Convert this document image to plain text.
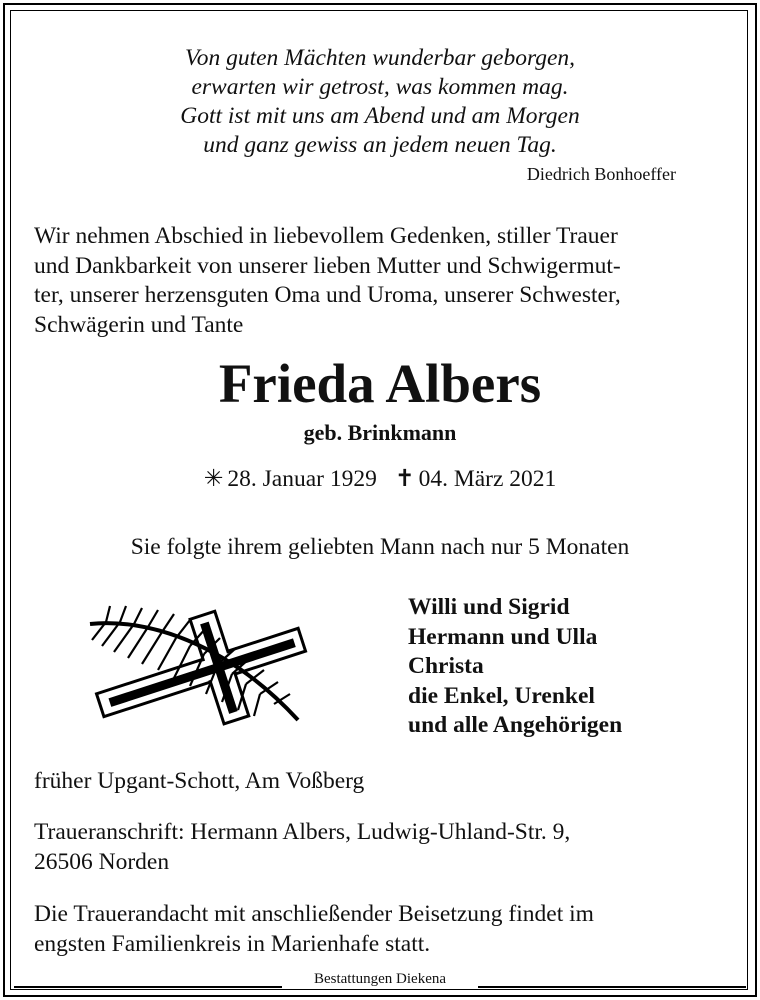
Von guten Mächten wunderbar geborgen,
erwarten wir getrost, was kommen mag.
Gott ist mit uns am Abend und am Morgen
und ganz gewiss an jedem neuen Tag.
Diedrich Bonhoeffer
Wir nehmen Abschied in liebevollem Gedenken, stiller Trauer
und Dankbarkeit von unserer lieben Mutter und Schwigermut-
ter, unserer herzensguten Oma und Uroma, unserer Schwester,
Schwägerin und Tante
Frieda Albers
geb. Brinkmann
✳ 28. Januar 1929 ✝ 04. März 2021
Sie folgte ihrem geliebten Mann nach nur 5 Monaten
Willi und Sigrid
Hermann und Ulla
Christa
die Enkel, Urenkel
und alle Angehörigen
früher Upgant-Schott, Am Voßberg
Traueranschrift: Hermann Albers, Ludwig-Uhland-Str. 9,
26506 Norden
Die Trauerandacht mit anschließender Beisetzung findet im
engsten Familienkreis in Marienhafe statt.
Bestattungen Diekena
